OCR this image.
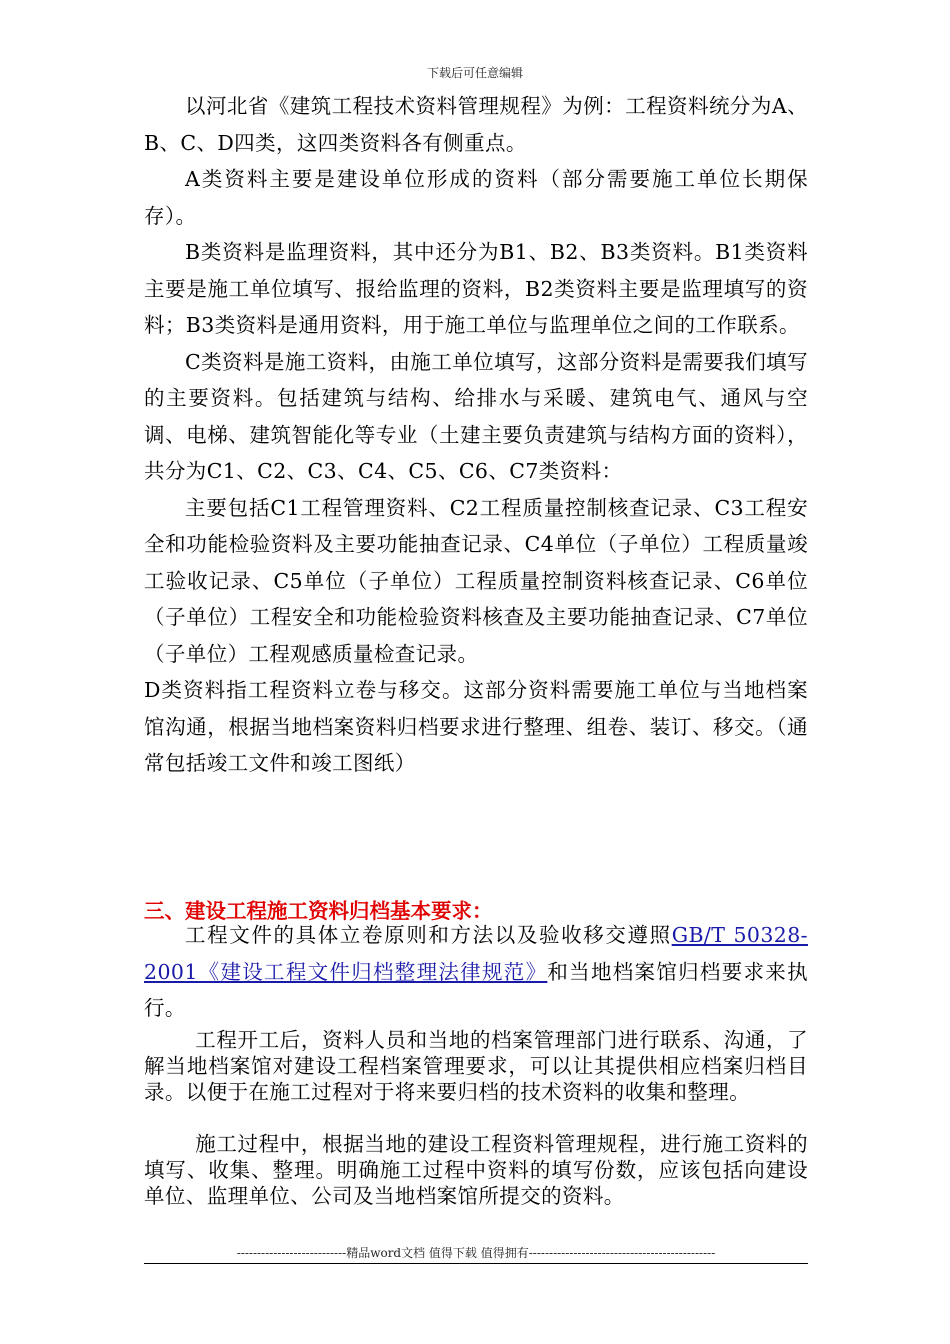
下载后可任意编辑

以河北省《建筑工程技术资料管理规程》为例：工程资料统分为A、B、C、D四类，这四类资料各有侧重点。

A类资料主要是建设单位形成的资料（部分需要施工单位长期保存）。

B类资料是监理资料，其中还分为B1、B2、B3类资料。B1类资料主要是施工单位填写、报给监理的资料，B2类资料主要是监理填写的资料；B3类资料是通用资料，用于施工单位与监理单位之间的工作联系。

C类资料是施工资料，由施工单位填写，这部分资料是需要我们填写的主要资料。包括建筑与结构、给排水与采暖、建筑电气、通风与空调、电梯、建筑智能化等专业（土建主要负责建筑与结构方面的资料），共分为C1、C2、C3、C4、C5、C6、C7类资料：

主要包括C1工程管理资料、C2工程质量控制核查记录、C3工程安全和功能检验资料及主要功能抽查记录、C4单位（子单位）工程质量竣工验收记录、C5单位（子单位）工程质量控制资料核查记录、C6单位（子单位）工程安全和功能检验资料核查及主要功能抽查记录、C7单位（子单位）工程观感质量检查记录。

D类资料指工程资料立卷与移交。这部分资料需要施工单位与当地档案馆沟通，根据当地档案资料归档要求进行整理、组卷、装订、移交。（通常包括竣工文件和竣工图纸）

三、建设工程施工资料归档基本要求：

工程文件的具体立卷原则和方法以及验收移交遵照GB/T 50328-2001《建设工程文件归档整理法律规范》和当地档案馆归档要求来执行。

工程开工后，资料人员和当地的档案管理部门进行联系、沟通，了解当地档案馆对建设工程档案管理要求，可以让其提供相应档案归档目录。以便于在施工过程对于将来要归档的技术资料的收集和整理。

施工过程中，根据当地的建设工程资料管理规程，进行施工资料的填写、收集、整理。明确施工过程中资料的填写份数，应该包括向建设单位、监理单位、公司及当地档案馆所提交的资料。

---------------------------精品word文档 值得下载 值得拥有----------------------------------------------
